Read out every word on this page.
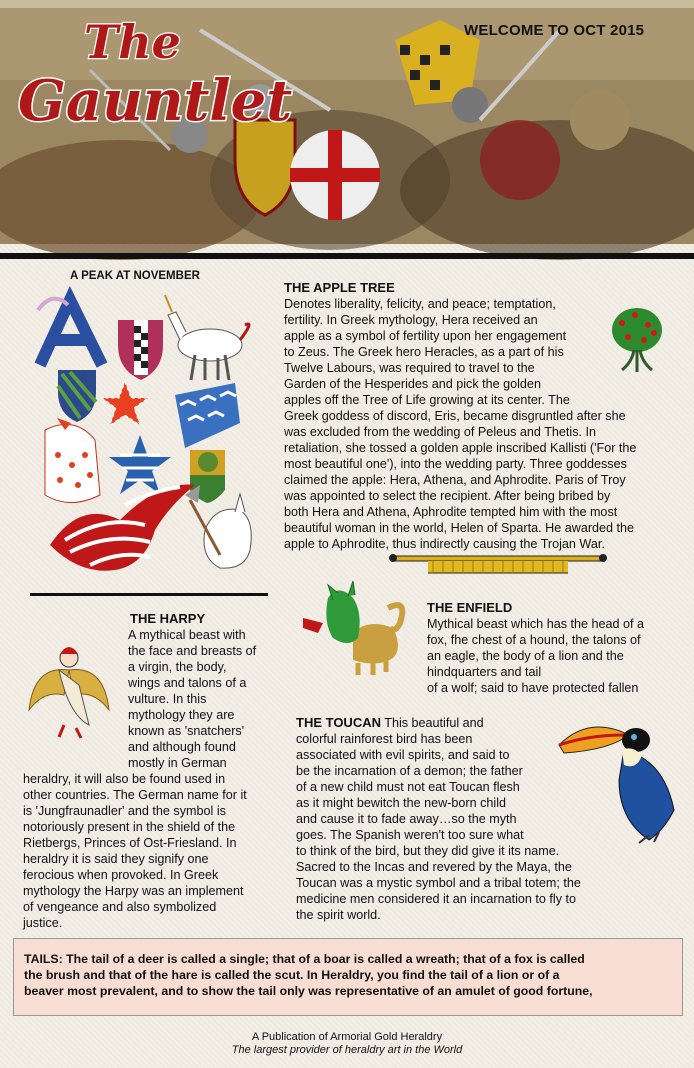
The
Gauntlet
WELCOME TO OCT 2015
A PEAK AT NOVEMBER
THE APPLE TREE
Denotes liberality, felicity, and peace; temptation,
fertility. In Greek mythology, Hera received an
apple as a symbol of fertility upon her engagement
to Zeus. The Greek hero Heracles, as a part of his
Twelve Labours, was required to travel to the
Garden of the Hesperides and pick the golden
apples off the Tree of Life growing at its center. The
Greek goddess of discord, Eris, became disgruntled after she
was excluded from the wedding of Peleus and Thetis. In
retaliation, she tossed a golden apple inscribed Kallisti ('For the
most beautiful one'), into the wedding party. Three goddesses
claimed the apple: Hera, Athena, and Aphrodite. Paris of Troy
was appointed to select the recipient. After being bribed by
both Hera and Athena, Aphrodite tempted him with the most
beautiful woman in the world, Helen of Sparta. He awarded the
apple to Aphrodite, thus indirectly causing the Trojan War.
THE ENFIELD
Mythical beast which has the head of a
fox, fhe chest of a hound, the talons of
an eagle, the body of a lion and the
hindquarters and tail
of a wolf; said to have protected fallen
THE HARPY
A mythical beast with
the face and breasts of
a virgin, the body,
wings and talons of a
vulture. In this
mythology they are
known as 'snatchers'
and although found
mostly in German
heraldry, it will also be found used in
other countries. The German name for it
is 'Jungfraunadler' and the symbol is
notoriously present in the shield of the
Rietbergs, Princes of Ost-Friesland. In
heraldry it is said they signify one
ferocious when provoked. In Greek
mythology the Harpy was an implement
of vengeance and also symbolized
justice.
THE TOUCAN This beautiful and
colorful rainforest bird has been
associated with evil spirits, and said to
be the incarnation of a demon; the father
of a new child must not eat Toucan flesh
as it might bewitch the new-born child
and cause it to fade away…so the myth
goes. The Spanish weren't too sure what
to think of the bird, but they did give it its name.
Sacred to the Incas and revered by the Maya, the
Toucan was a mystic symbol and a tribal totem; the
medicine men considered it an incarnation to fly to
the spirit world.
TAILS: The tail of a deer is called a single; that of a boar is called a wreath; that of a fox is called
the brush and that of the hare is called the scut. In Heraldry, you find the tail of a lion or of a
beaver most prevalent, and to show the tail only was representative of an amulet of good fortune,
A Publication of Armorial Gold Heraldry
The largest provider of heraldry art in the World
